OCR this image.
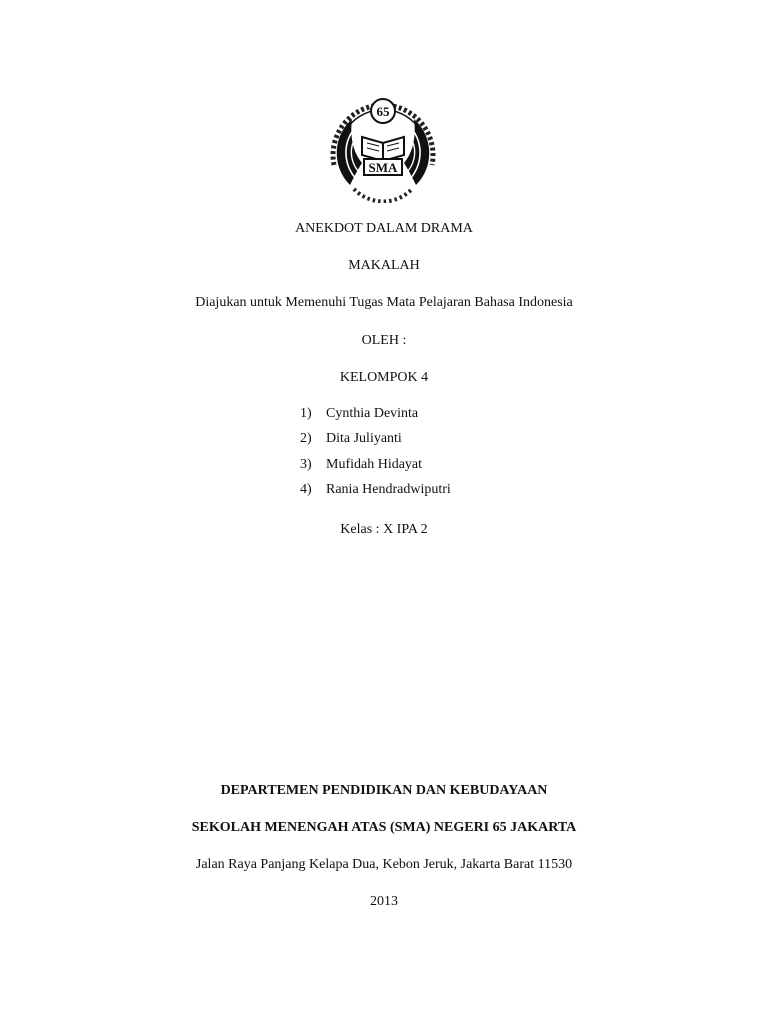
65
SMA
ANEKDOT DALAM DRAMA
MAKALAH
Diajukan untuk Memenuhi Tugas Mata Pelajaran Bahasa Indonesia
OLEH :
KELOMPOK 4
1) Cynthia Devinta
2) Dita Juliyanti
3) Mufidah Hidayat
4) Rania Hendradwiputri
Kelas : X IPA 2
DEPARTEMEN PENDIDIKAN DAN KEBUDAYAAN
SEKOLAH MENENGAH ATAS (SMA) NEGERI 65 JAKARTA
Jalan Raya Panjang Kelapa Dua, Kebon Jeruk, Jakarta Barat 11530
2013
